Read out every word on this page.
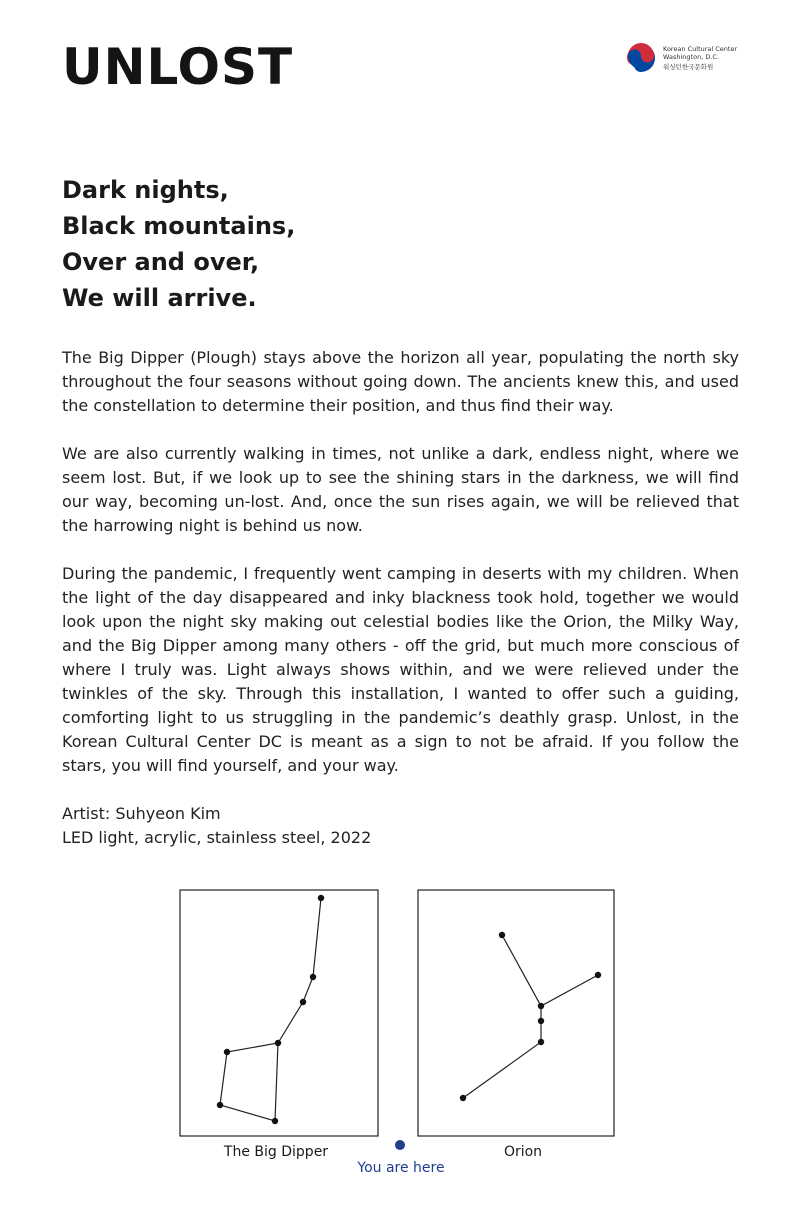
UNLOST	Korean Cultural Center
Washington, D.C.
워싱턴한국문화원
Dark nights,
Black mountains,
Over and over,
We will arrive.

The Big Dipper (Plough) stays above the horizon all year, populating the north sky throughout the four seasons without going down. The ancients knew this, and used the constellation to determine their position, and thus find their way.

We are also currently walking in times, not unlike a dark, endless night, where we seem lost. But, if we look up to see the shining stars in the darkness, we will find our way, becoming un-lost. And, once the sun rises again, we will be relieved that the harrowing night is behind us now.

During the pandemic, I frequently went camping in deserts with my children. When the light of the day disappeared and inky blackness took hold, together we would look upon the night sky making out celestial bodies like the Orion, the Milky Way, and the Big Dipper among many others - off the grid, but much more conscious of where I truly was. Light always shows within, and we were relieved under the twinkles of the sky. Through this installation, I wanted to offer such a guiding, comforting light to us struggling in the pandemic’s deathly grasp. Unlost, in the Korean Cultural Center DC is meant as a sign to not be afraid. If you follow the stars, you will find yourself, and your way.

Artist: Suhyeon Kim
LED light, acrylic, stainless steel, 2022
The Big Dipper	Orion
You are here
